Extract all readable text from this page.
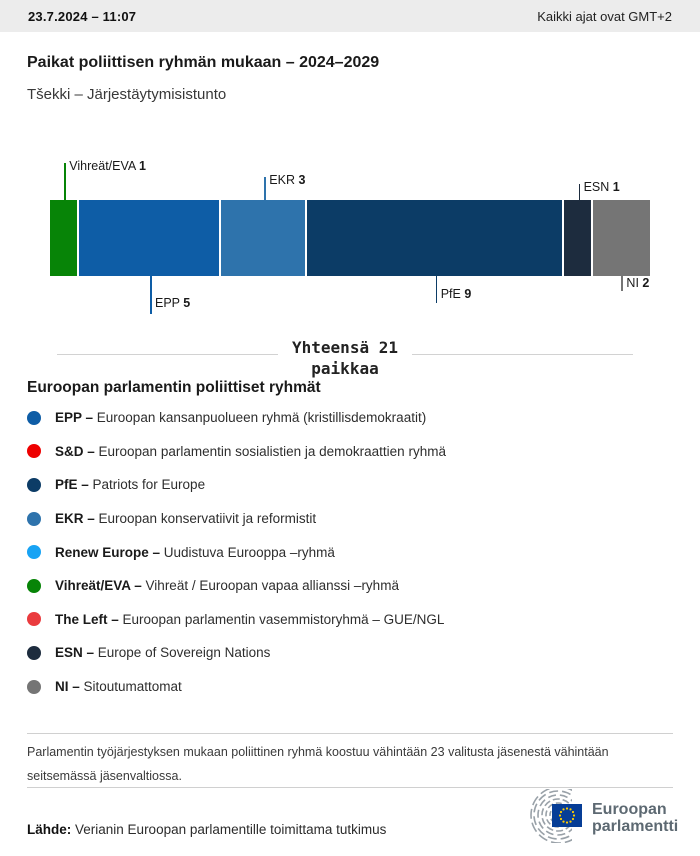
23.7.2024 – 11:07	Kaikki ajat ovat GMT+2
Paikat poliittisen ryhmän mukaan – 2024–2029
Tšekki – Järjestäytymisistunto
Vihreät/EVA 1
EPP 5
EKR 3
PfE 9
ESN 1
NI 2
Yhteensä 21
paikkaa
Euroopan parlamentin poliittiset ryhmät
EPP – Euroopan kansanpuolueen ryhmä (kristillisdemokraatit)
S&D – Euroopan parlamentin sosialistien ja demokraattien ryhmä
PfE – Patriots for Europe
EKR – Euroopan konservatiivit ja reformistit
Renew Europe – Uudistuva Eurooppa –ryhmä
Vihreät/EVA – Vihreät / Euroopan vapaa allianssi –ryhmä
The Left – Euroopan parlamentin vasemmistoryhmä – GUE/NGL
ESN – Europe of Sovereign Nations
NI – Sitoutumattomat
Parlamentin työjärjestyksen mukaan poliittinen ryhmä koostuu vähintään 23 valitusta jäsenestä vähintään seitsemässä jäsenvaltiossa.
Lähde: Verianin Euroopan parlamentille toimittama tutkimus
Euroopan
parlamentti
